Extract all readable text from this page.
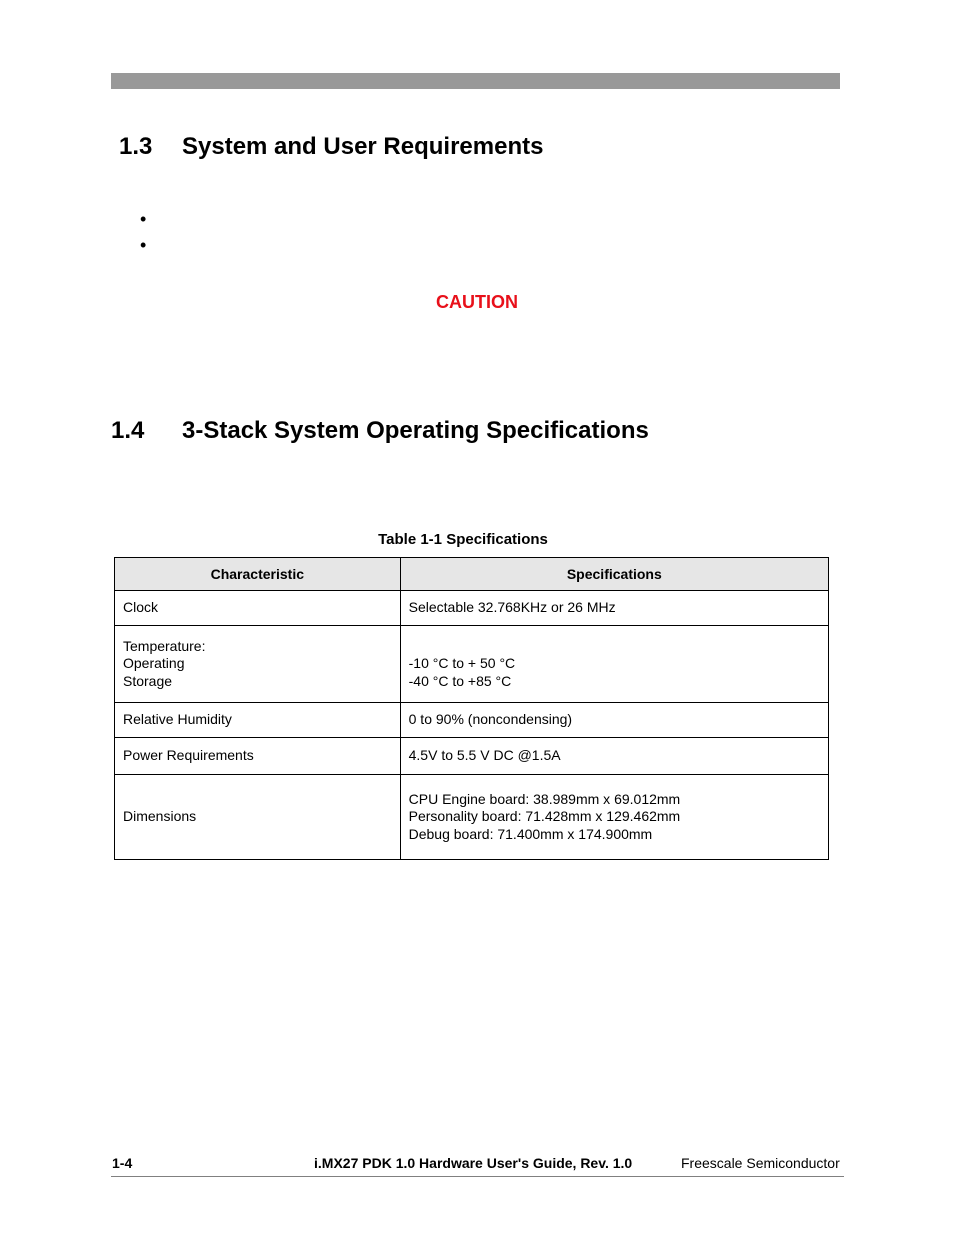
1.3 System and User Requirements
•
•
CAUTION
1.4 3-Stack System Operating Specifications
Table 1-1 Specifications
Characteristic	Specifications

Clock	Selectable 32.768KHz or 26 MHz

Temperature:
Operating
Storage	-10 °C to + 50 °C
-40 °C to +85 °C

Relative Humidity	0 to 90% (noncondensing)

Power Requirements	4.5V to 5.5 V DC @1.5A

Dimensions	CPU Engine board: 38.989mm x 69.012mm
Personality board: 71.428mm x 129.462mm
Debug board: 71.400mm x 174.900mm
1-4	i.MX27 PDK 1.0 Hardware User's Guide, Rev. 1.0	Freescale Semiconductor
